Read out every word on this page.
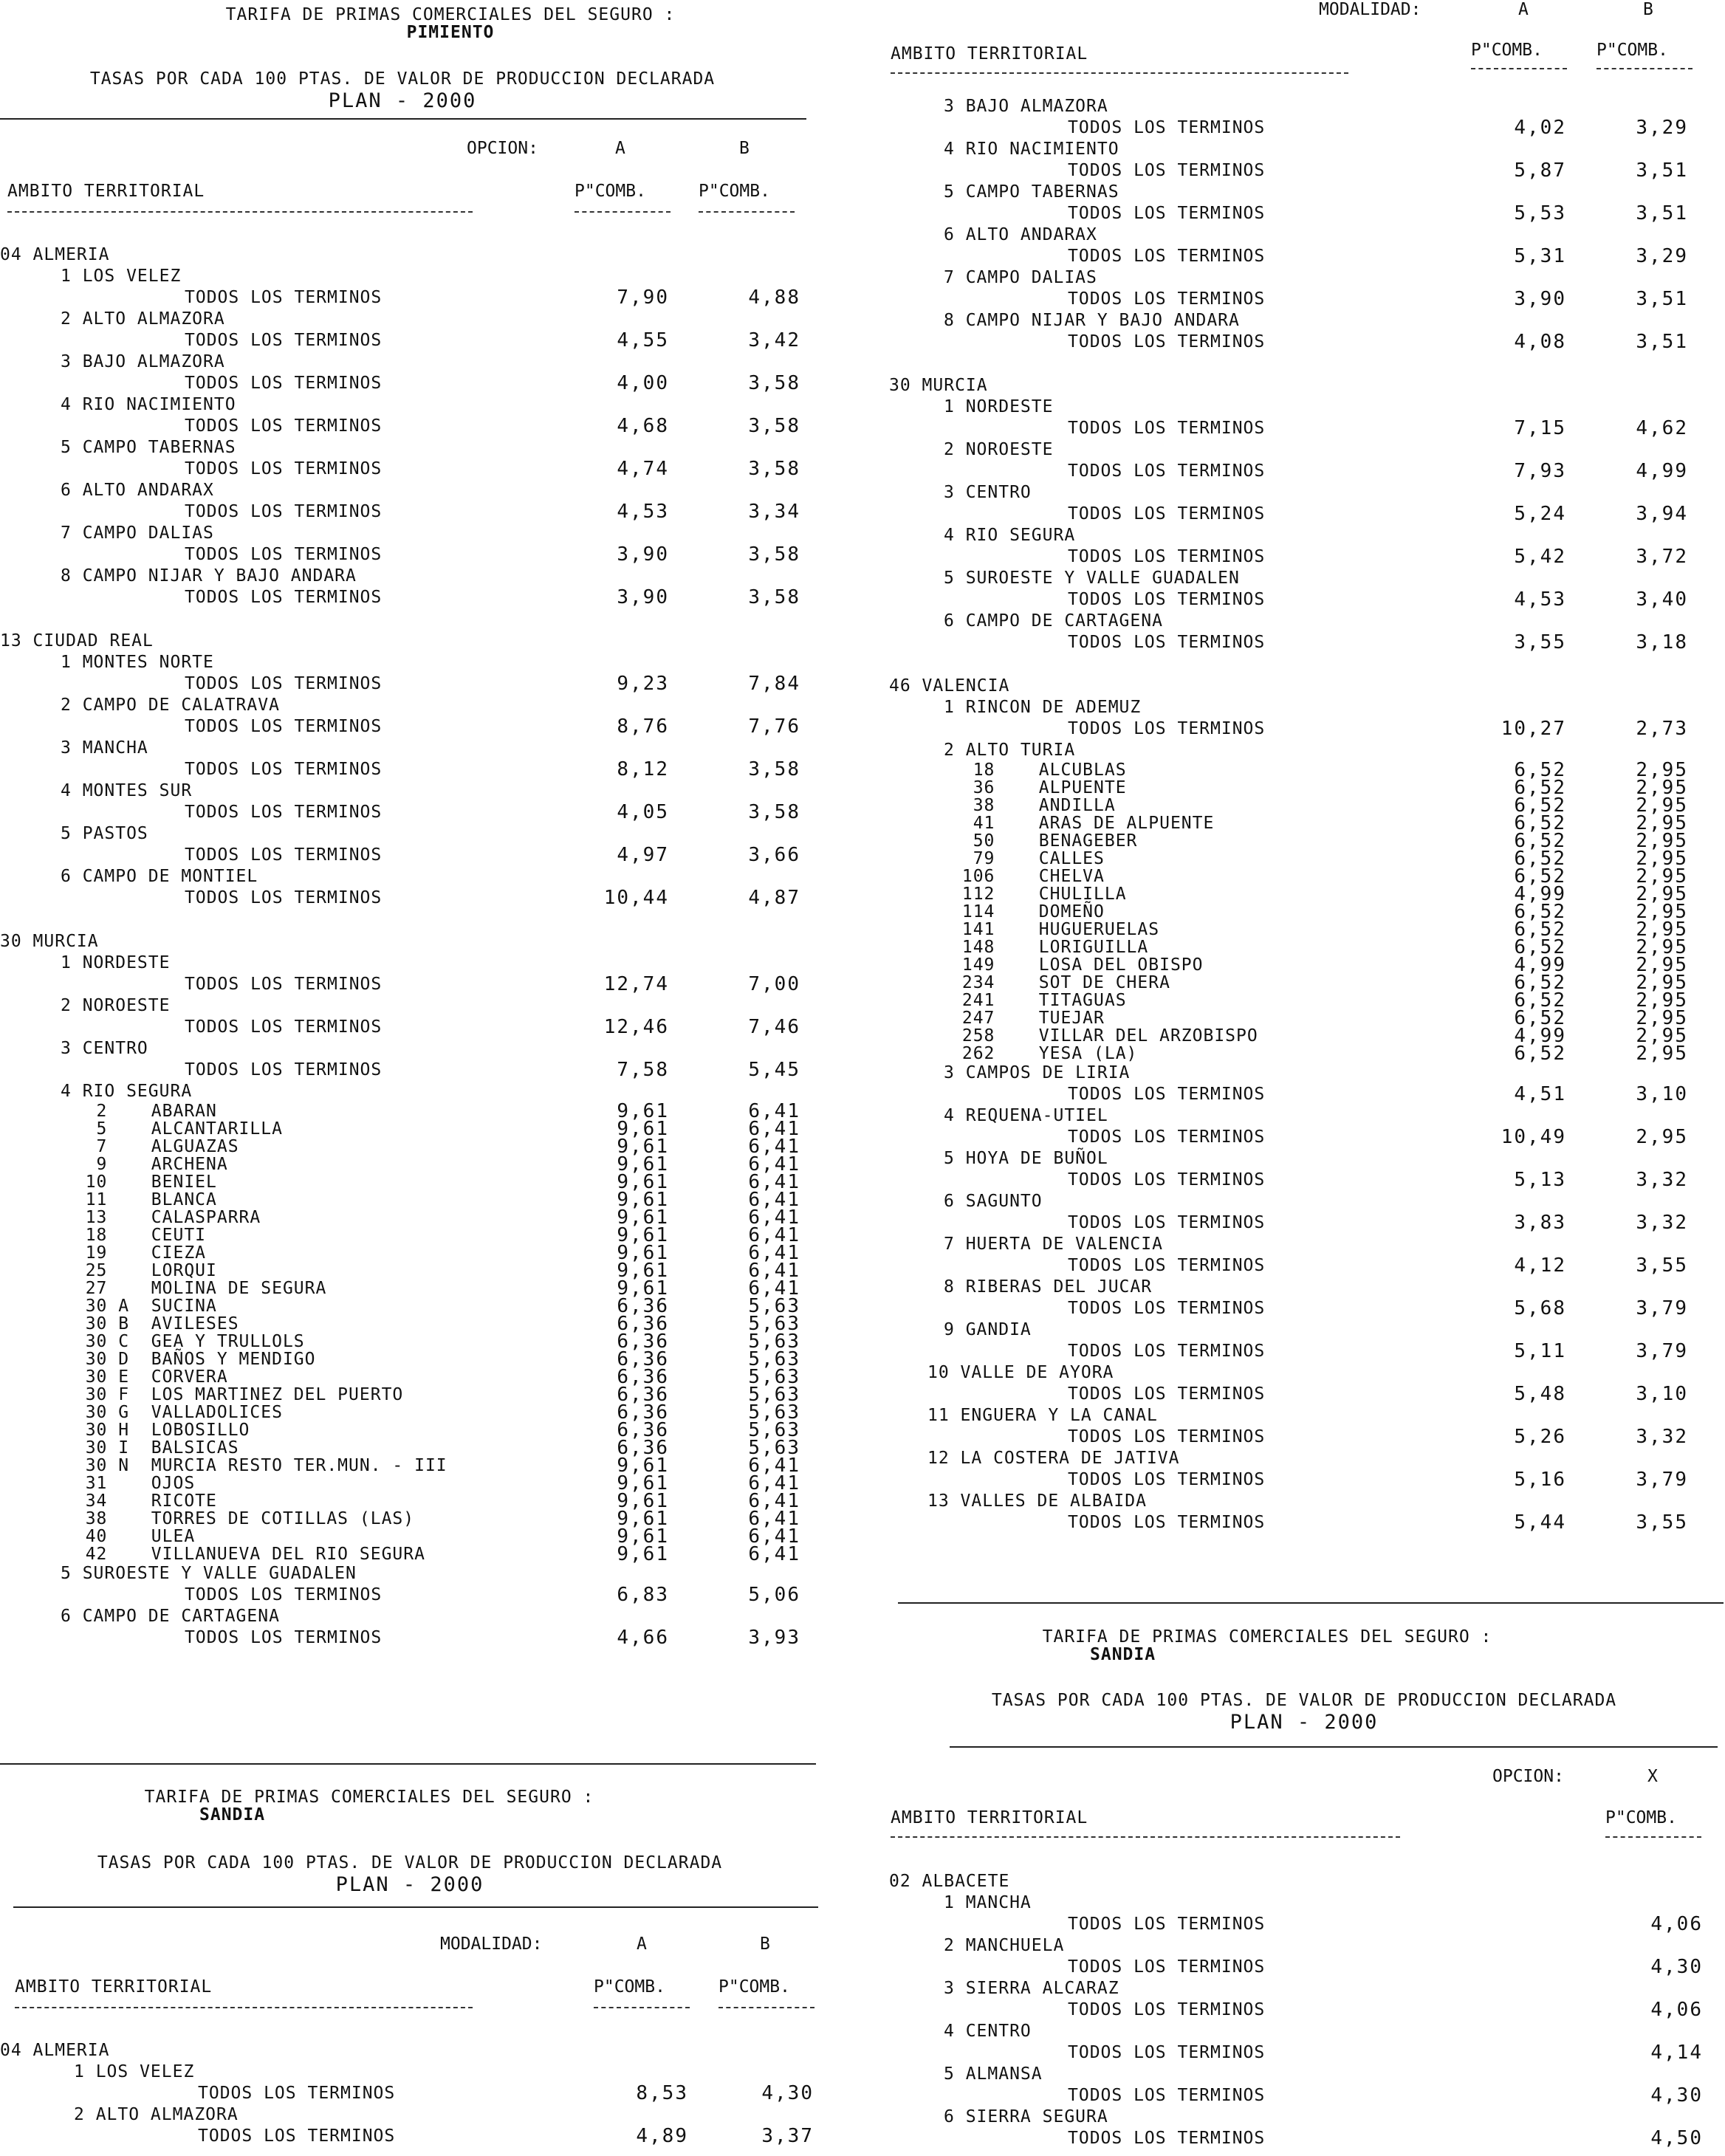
TARIFA DE PRIMAS COMERCIALES DEL SEGURO :
PIMIENTO
TASAS POR CADA 100 PTAS. DE VALOR DE PRODUCCION DECLARADA
PLAN - 2000
OPCION:	A	B
AMBITO TERRITORIAL	P"COMB.	P"COMB.
04 ALMERIA
1 LOS VELEZ
TODOS LOS TERMINOS	7,90	4,88
2 ALTO ALMAZORA
TODOS LOS TERMINOS	4,55	3,42
3 BAJO ALMAZORA
TODOS LOS TERMINOS	4,00	3,58
4 RIO NACIMIENTO
TODOS LOS TERMINOS	4,68	3,58
5 CAMPO TABERNAS
TODOS LOS TERMINOS	4,74	3,58
6 ALTO ANDARAX
TODOS LOS TERMINOS	4,53	3,34
7 CAMPO DALIAS
TODOS LOS TERMINOS	3,90	3,58
8 CAMPO NIJAR Y BAJO ANDARA
TODOS LOS TERMINOS	3,90	3,58
13 CIUDAD REAL
1 MONTES NORTE
TODOS LOS TERMINOS	9,23	7,84
2 CAMPO DE CALATRAVA
TODOS LOS TERMINOS	8,76	7,76
3 MANCHA
TODOS LOS TERMINOS	8,12	3,58
4 MONTES SUR
TODOS LOS TERMINOS	4,05	3,58
5 PASTOS
TODOS LOS TERMINOS	4,97	3,66
6 CAMPO DE MONTIEL
TODOS LOS TERMINOS	10,44	4,87
30 MURCIA
1 NORDESTE
TODOS LOS TERMINOS	12,74	7,00
2 NOROESTE
TODOS LOS TERMINOS	12,46	7,46
3 CENTRO
TODOS LOS TERMINOS	7,58	5,45
4 RIO SEGURA
2    ABARAN	9,61	6,41
5    ALCANTARILLA	9,61	6,41
7    ALGUAZAS	9,61	6,41
9    ARCHENA	9,61	6,41
10    BENIEL	9,61	6,41
11    BLANCA	9,61	6,41
13    CALASPARRA	9,61	6,41
18    CEUTI	9,61	6,41
19    CIEZA	9,61	6,41
25    LORQUI	9,61	6,41
27    MOLINA DE SEGURA	9,61	6,41
30 A  SUCINA	6,36	5,63
30 B  AVILESES	6,36	5,63
30 C  GEA Y TRULLOLS	6,36	5,63
30 D  BAÑOS Y MENDIGO	6,36	5,63
30 E  CORVERA	6,36	5,63
30 F  LOS MARTINEZ DEL PUERTO	6,36	5,63
30 G  VALLADOLICES	6,36	5,63
30 H  LOBOSILLO	6,36	5,63
30 I  BALSICAS	6,36	5,63
30 N  MURCIA RESTO TER.MUN. - III	9,61	6,41
31    OJOS	9,61	6,41
34    RICOTE	9,61	6,41
38    TORRES DE COTILLAS (LAS)	9,61	6,41
40    ULEA	9,61	6,41
42    VILLANUEVA DEL RIO SEGURA	9,61	6,41
5 SUROESTE Y VALLE GUADALEN
TODOS LOS TERMINOS	6,83	5,06
6 CAMPO DE CARTAGENA
TODOS LOS TERMINOS	4,66	3,93
TARIFA DE PRIMAS COMERCIALES DEL SEGURO :
SANDIA
TASAS POR CADA 100 PTAS. DE VALOR DE PRODUCCION DECLARADA
PLAN - 2000
MODALIDAD:	A	B
AMBITO TERRITORIAL	P"COMB.	P"COMB.
04 ALMERIA
1 LOS VELEZ
TODOS LOS TERMINOS	8,53	4,30
2 ALTO ALMAZORA
TODOS LOS TERMINOS	4,89	3,37
MODALIDAD:	A	B
AMBITO TERRITORIAL	P"COMB.	P"COMB.
3 BAJO ALMAZORA
TODOS LOS TERMINOS	4,02	3,29
4 RIO NACIMIENTO
TODOS LOS TERMINOS	5,87	3,51
5 CAMPO TABERNAS
TODOS LOS TERMINOS	5,53	3,51
6 ALTO ANDARAX
TODOS LOS TERMINOS	5,31	3,29
7 CAMPO DALIAS
TODOS LOS TERMINOS	3,90	3,51
8 CAMPO NIJAR Y BAJO ANDARA
TODOS LOS TERMINOS	4,08	3,51
30 MURCIA
1 NORDESTE
TODOS LOS TERMINOS	7,15	4,62
2 NOROESTE
TODOS LOS TERMINOS	7,93	4,99
3 CENTRO
TODOS LOS TERMINOS	5,24	3,94
4 RIO SEGURA
TODOS LOS TERMINOS	5,42	3,72
5 SUROESTE Y VALLE GUADALEN
TODOS LOS TERMINOS	4,53	3,40
6 CAMPO DE CARTAGENA
TODOS LOS TERMINOS	3,55	3,18
46 VALENCIA
1 RINCON DE ADEMUZ
TODOS LOS TERMINOS	10,27	2,73
2 ALTO TURIA
18    ALCUBLAS	6,52	2,95
36    ALPUENTE	6,52	2,95
38    ANDILLA	6,52	2,95
41    ARAS DE ALPUENTE	6,52	2,95
50    BENAGEBER	6,52	2,95
79    CALLES	6,52	2,95
106    CHELVA	6,52	2,95
112    CHULILLA	4,99	2,95
114    DOMEÑO	6,52	2,95
141    HUGUERUELAS	6,52	2,95
148    LORIGUILLA	6,52	2,95
149    LOSA DEL OBISPO	4,99	2,95
234    SOT DE CHERA	6,52	2,95
241    TITAGUAS	6,52	2,95
247    TUEJAR	6,52	2,95
258    VILLAR DEL ARZOBISPO	4,99	2,95
262    YESA (LA)	6,52	2,95
3 CAMPOS DE LIRIA
TODOS LOS TERMINOS	4,51	3,10
4 REQUENA-UTIEL
TODOS LOS TERMINOS	10,49	2,95
5 HOYA DE BUÑOL
TODOS LOS TERMINOS	5,13	3,32
6 SAGUNTO
TODOS LOS TERMINOS	3,83	3,32
7 HUERTA DE VALENCIA
TODOS LOS TERMINOS	4,12	3,55
8 RIBERAS DEL JUCAR
TODOS LOS TERMINOS	5,68	3,79
9 GANDIA
TODOS LOS TERMINOS	5,11	3,79
10 VALLE DE AYORA
TODOS LOS TERMINOS	5,48	3,10
11 ENGUERA Y LA CANAL
TODOS LOS TERMINOS	5,26	3,32
12 LA COSTERA DE JATIVA
TODOS LOS TERMINOS	5,16	3,79
13 VALLES DE ALBAIDA
TODOS LOS TERMINOS	5,44	3,55
TARIFA DE PRIMAS COMERCIALES DEL SEGURO :
SANDIA
TASAS POR CADA 100 PTAS. DE VALOR DE PRODUCCION DECLARADA
PLAN - 2000
OPCION:	X
AMBITO TERRITORIAL	P"COMB.
02 ALBACETE
1 MANCHA
TODOS LOS TERMINOS	4,06
2 MANCHUELA
TODOS LOS TERMINOS	4,30
3 SIERRA ALCARAZ
TODOS LOS TERMINOS	4,06
4 CENTRO
TODOS LOS TERMINOS	4,14
5 ALMANSA
TODOS LOS TERMINOS	4,30
6 SIERRA SEGURA
TODOS LOS TERMINOS	4,50
